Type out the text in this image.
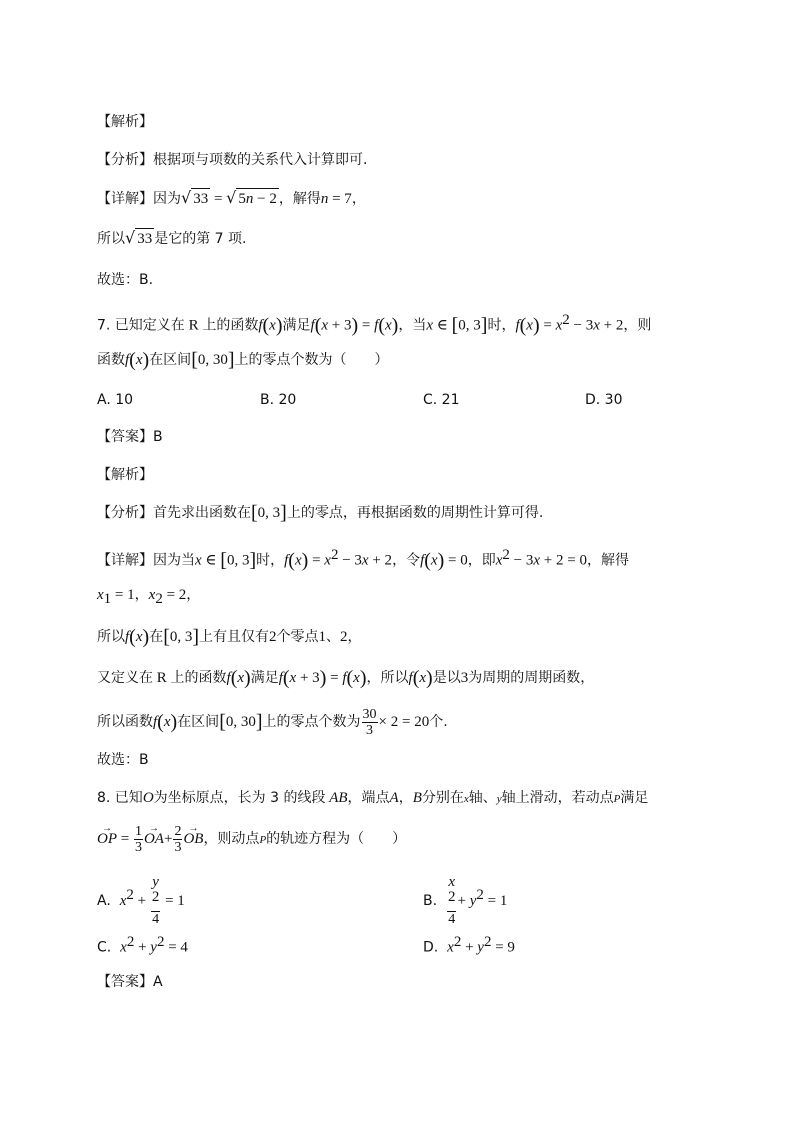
【解析】
【分析】根据项与项数的关系代入计算即可.
【详解】因为√ 33 = √ 5n − 2 ，解得n = 7，
所以√ 33 是它的第 7 项.
故选：B.
7. 已知定义在 R 上的函数f(x)满足f(x + 3) = f(x)，当x ∈ [0, 3]时，$f(x) = x^2 - 3x + 2$，则
函数f(x)在区间[0, 30]上的零点个数为（　　）
A. 10	B. 20	C. 21	D. 30
【答案】B
【解析】
【分析】首先求出函数在[0, 3]上的零点，再根据函数的周期性计算可得.
【详解】因为当x ∈ [0, 3]时，$f(x) = x^2 - 3x + 2$，令f(x) = 0，即$x^2 - 3x + 2 = 0$，解得
$x_1 = 1$，$x_2 = 2$，
所以f(x)在[0, 3]上有且仅有2个零点1、2，
又定义在 R 上的函数f(x)满足f(x + 3) = f(x)，所以f(x)是以3为周期的周期函数，
所以函数f(x)在区间[0, 30]上的零点个数为 $\frac{30}{3} \times 2 = 20$个.
故选：B
8. 已知O为坐标原点，长为 3 的线段 AB，端点A，B分别在x轴、y轴上滑动，若动点P满足
→ OP = $\frac{1}{3}$
→ $OA+ \frac{2}{3}$
→ OB，则动点P的轨迹方程为（　　）
A. $x^2 + y$
$^2$
4 = 1	B. x
$^2$
$4 + y^2 = 1$
C. $x^2 + y^2 = 4$	D. $x^2 + y^2 = 9$
【答案】A
